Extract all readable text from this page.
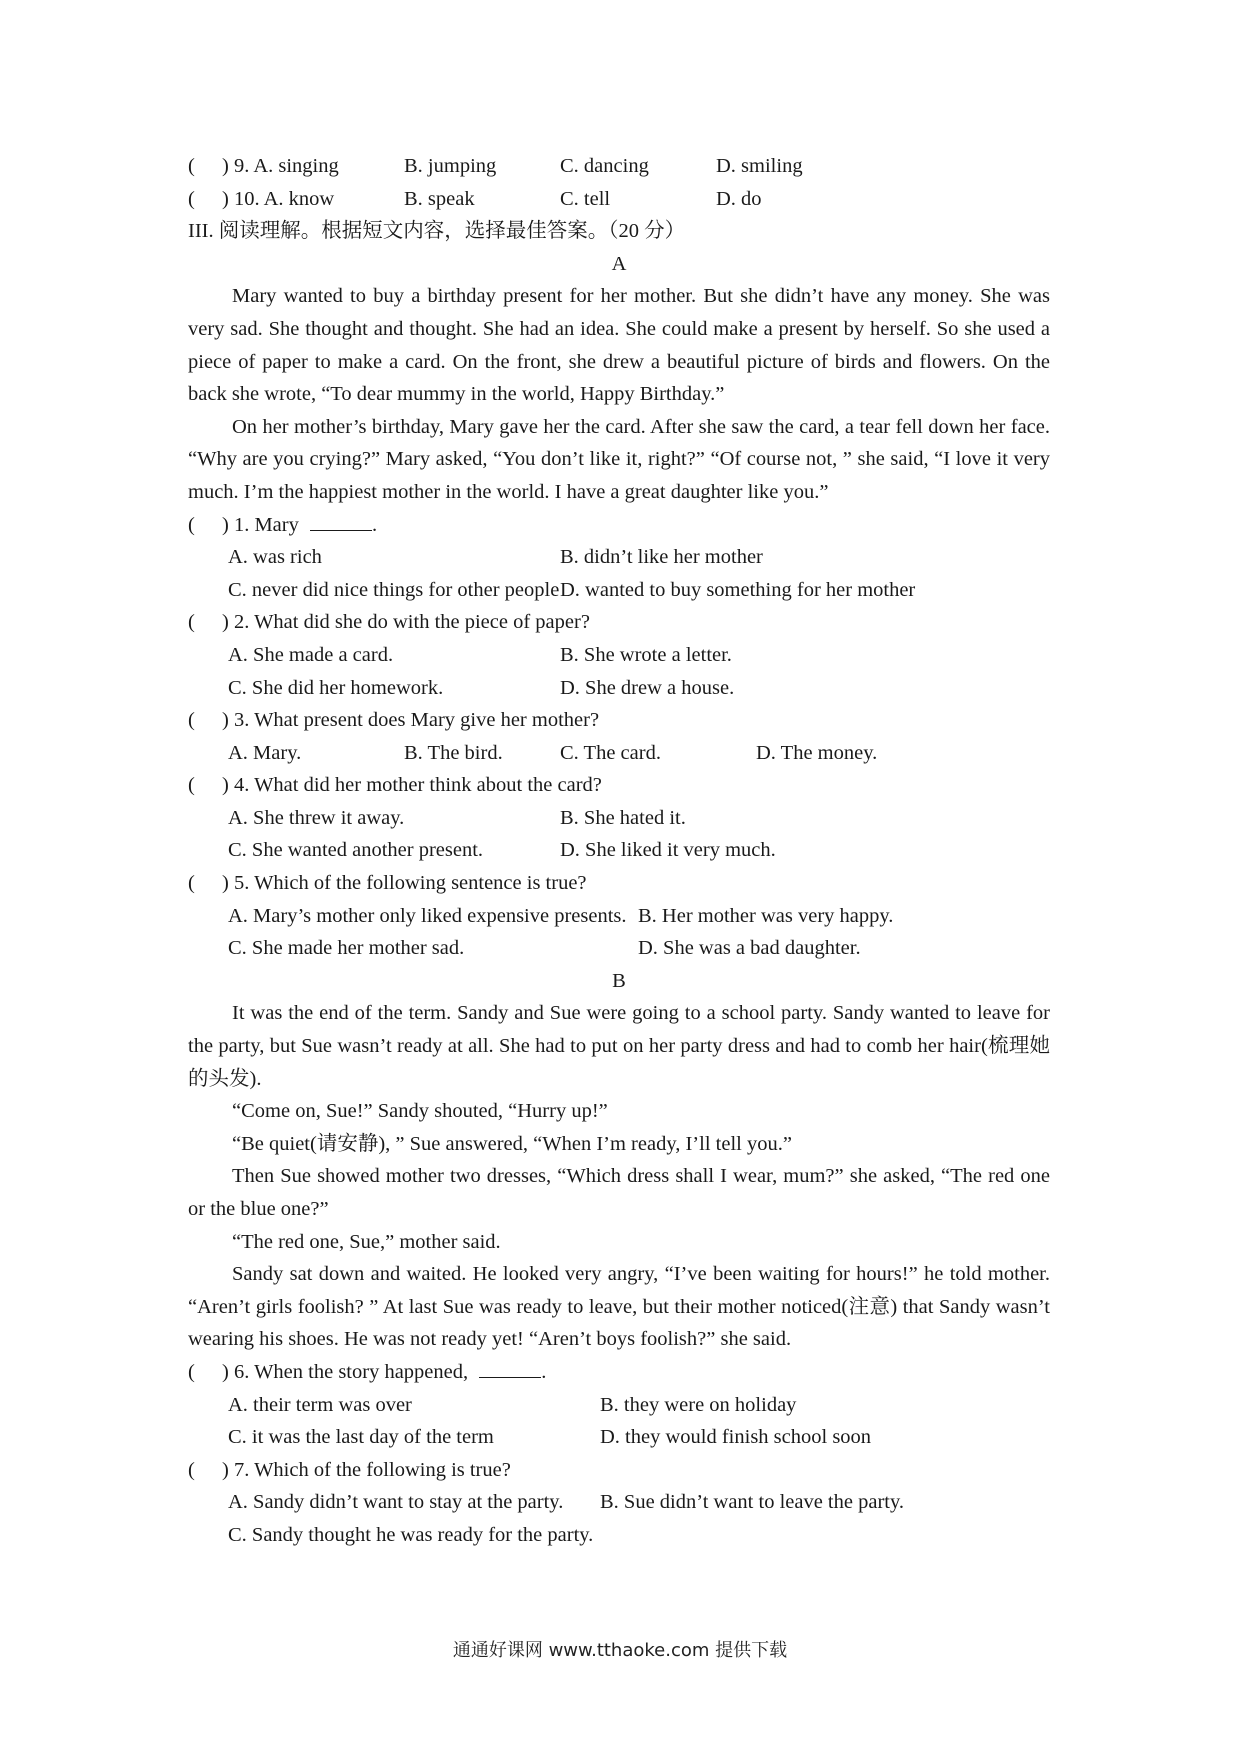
( ) 9. A. singing	B. jumping	C. dancing	D. smiling
( ) 10. A. know	B. speak	C. tell	D. do
III. 阅读理解。根据短文内容，选择最佳答案。（20 分）
A

Mary wanted to buy a birthday present for her mother. But she didn’t have any money. She was very sad. She thought and thought. She had an idea. She could make a present by herself. So she used a piece of paper to make a card. On the front, she drew a beautiful picture of birds and flowers. On the back she wrote, “To dear mummy in the world, Happy Birthday.”

On her mother’s birthday, Mary gave her the card. After she saw the card, a tear fell down her face. “Why are you crying?” Mary asked, “You don’t like it, right?” “Of course not, ” she said, “I love it very much. I’m the happiest mother in the world. I have a great daughter like you.”

( ) 1. Mary	.
A. was rich	B. didn’t like her mother
C. never did nice things for other people D. wanted to buy something for her mother
( ) 2. What did she do with the piece of paper?
A. She made a card.	B. She wrote a letter.
C. She did her homework.	D. She drew a house.
( ) 3. What present does Mary give her mother?
A. Mary.	B. The bird.	C. The card.	D. The money.
( ) 4. What did her mother think about the card?
A. She threw it away.	B. She hated it.
C. She wanted another present.	D. She liked it very much.
( ) 5. Which of the following sentence is true?
A. Mary’s mother only liked expensive presents. B. Her mother was very happy.
C. She made her mother sad.	D. She was a bad daughter.
B

It was the end of the term. Sandy and Sue were going to a school party. Sandy wanted to leave for the party, but Sue wasn’t ready at all. She had to put on her party dress and had to comb her hair(梳理她的头发).

“Come on, Sue!” Sandy shouted, “Hurry up!”

“Be quiet(请安静), ” Sue answered, “When I’m ready, I’ll tell you.”

Then Sue showed mother two dresses, “Which dress shall I wear, mum?” she asked, “The red one or the blue one?”

“The red one, Sue,” mother said.

Sandy sat down and waited. He looked very angry, “I’ve been waiting for hours!” he told mother. “Aren’t girls foolish? ” At last Sue was ready to leave, but their mother noticed(注意) that Sandy wasn’t wearing his shoes. He was not ready yet! “Aren’t boys foolish?” she said.

( ) 6. When the story happened,	.
A. their term was over	B. they were on holiday
C. it was the last day of the term	D. they would finish school soon
( ) 7. Which of the following is true?
A. Sandy didn’t want to stay at the party. B. Sue didn’t want to leave the party.
C. Sandy thought he was ready for the party.
通通好课网 www.tthaoke.com 提供下载
